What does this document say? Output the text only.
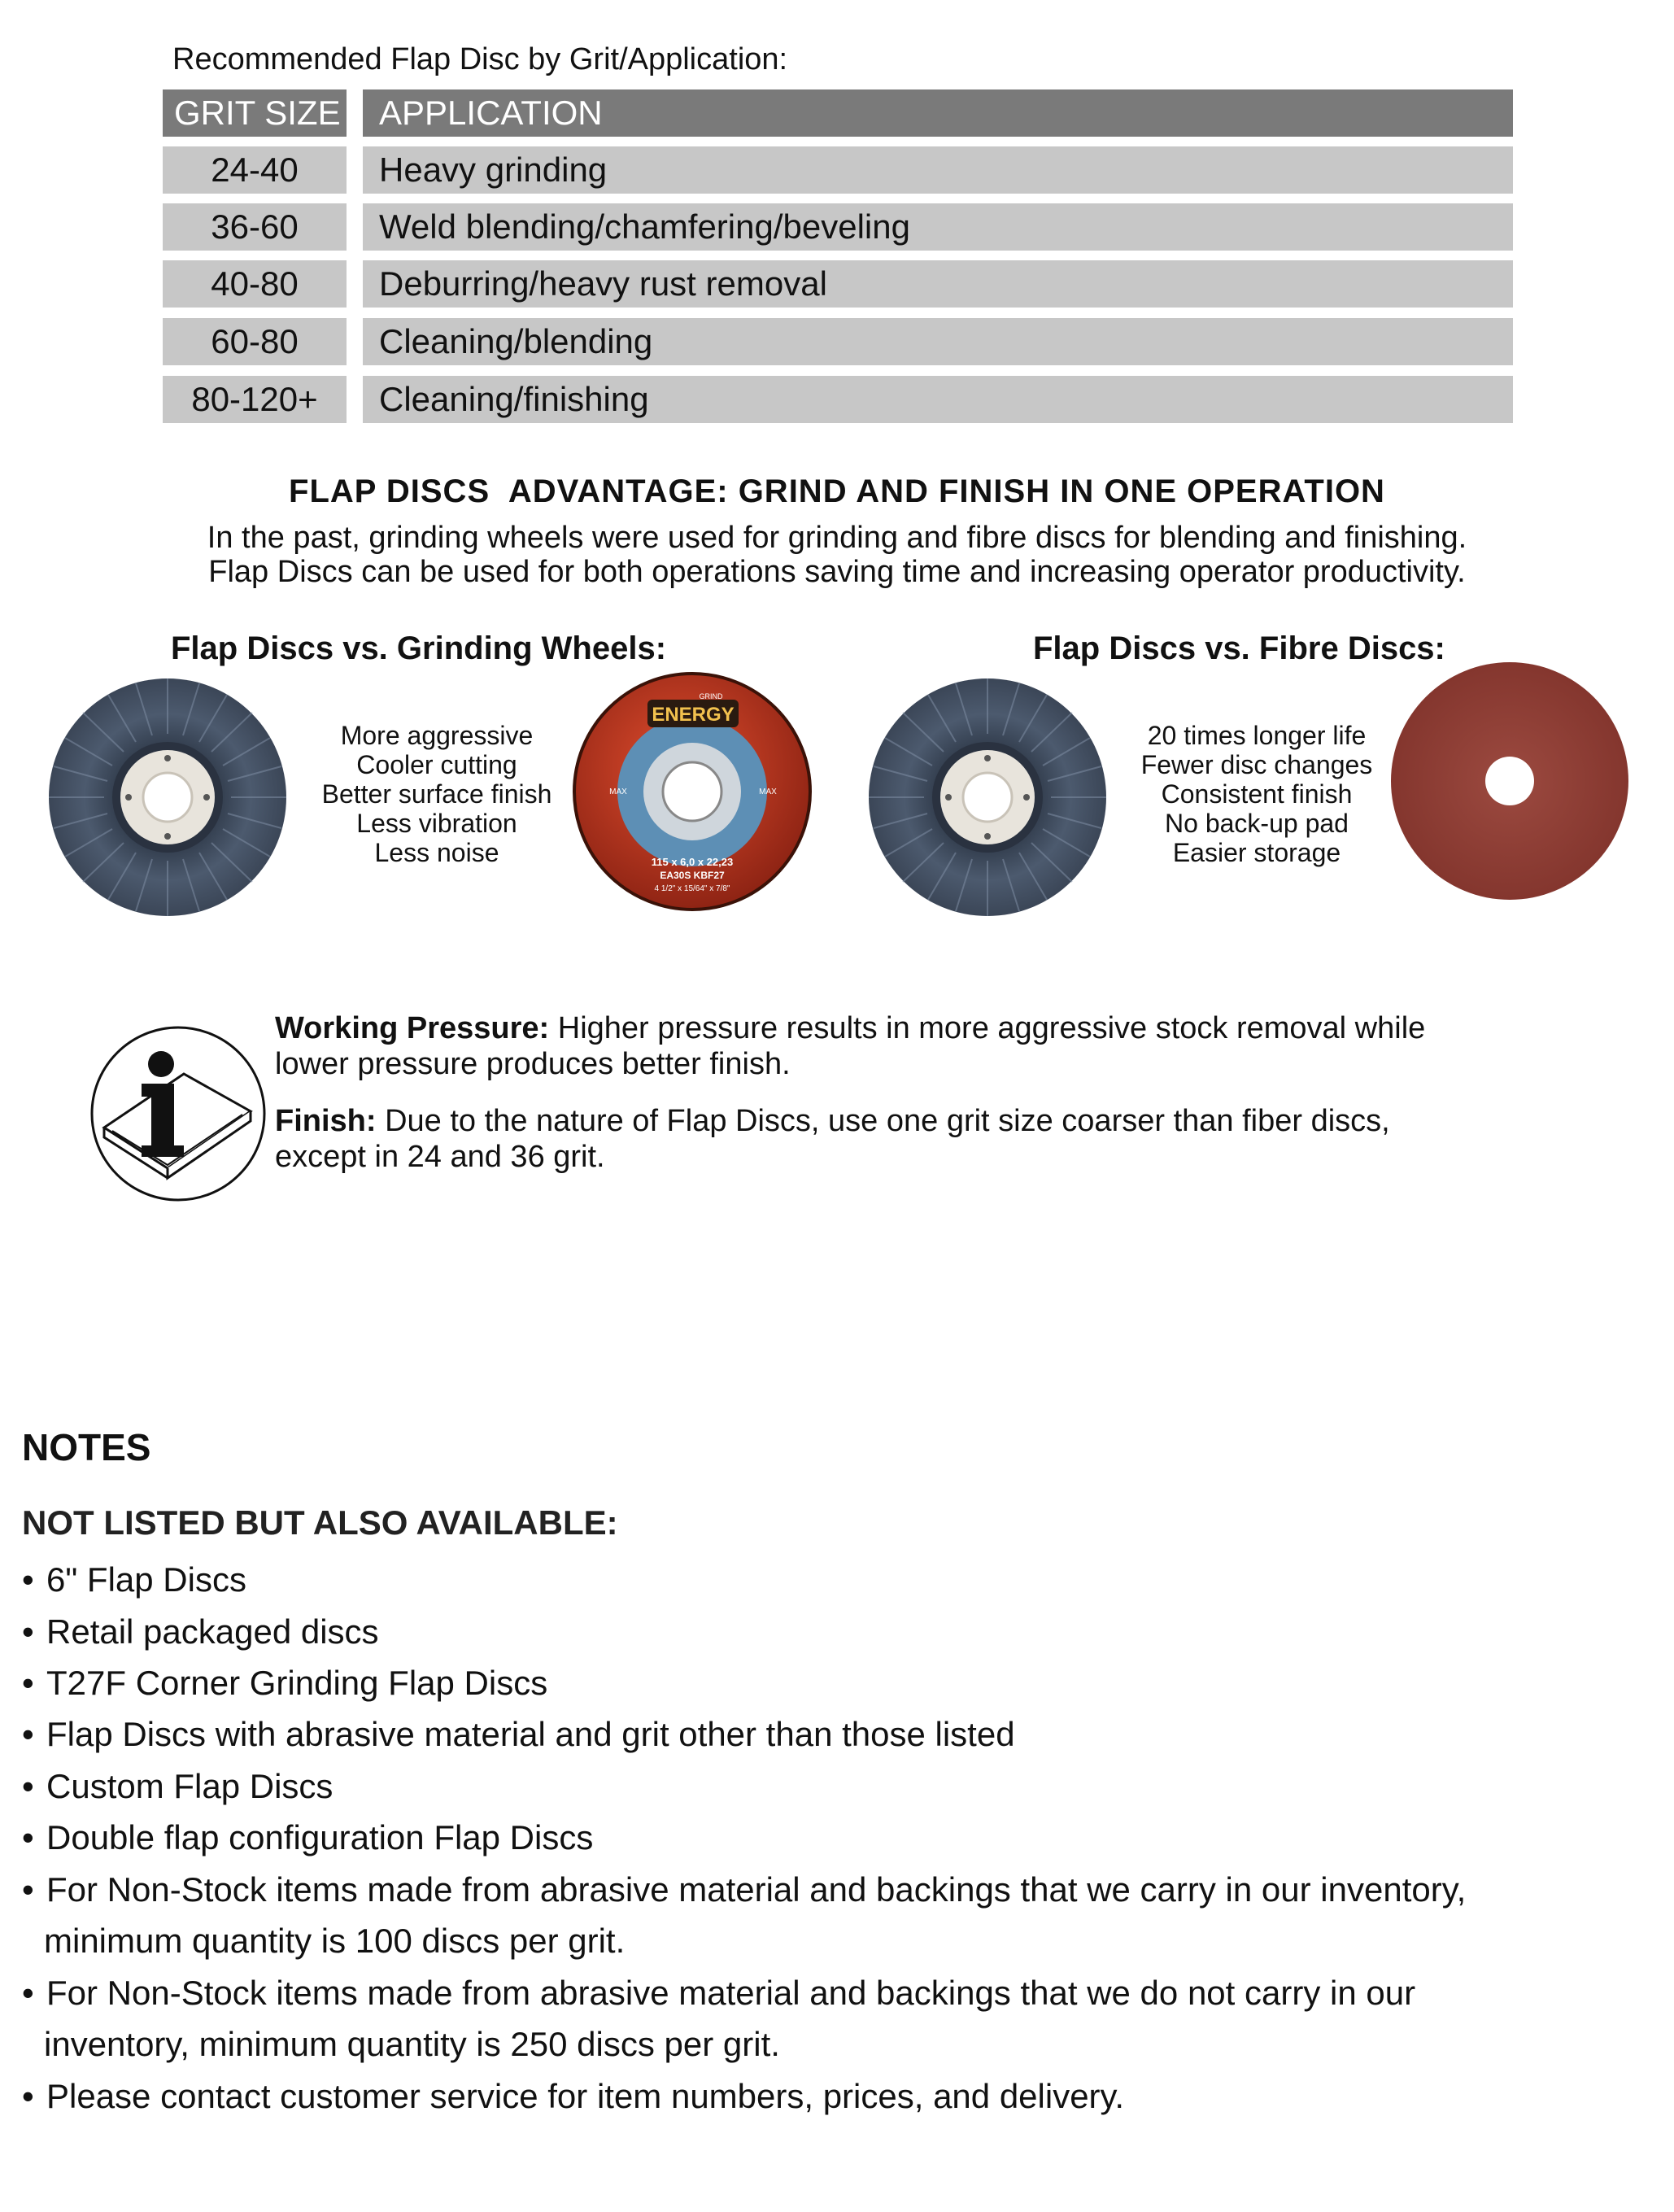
Recommended Flap Disc by Grit/Application:
GRIT SIZE	APPLICATION
24-40	Heavy grinding
36-60	Weld blending/chamfering/beveling
40-80	Deburring/heavy rust removal
60-80	Cleaning/blending
80-120+	Cleaning/finishing
FLAP DISCS  ADVANTAGE: GRIND AND FINISH IN ONE OPERATION
In the past, grinding wheels were used for grinding and fibre discs for blending and finishing.
Flap Discs can be used for both operations saving time and increasing operator productivity.
Flap Discs vs. Grinding Wheels:	Flap Discs vs. Fibre Discs:
More aggressive
Cooler cutting
Better surface finish
Less vibration
Less noise
ENERGY
GRIND
MAX	MAX
115 x 6,0 x 22,23
EA30S KBF27
4 1/2" x 15/64" x 7/8"
20 times longer life
Fewer disc changes
Consistent finish
No back-up pad
Easier storage
Working Pressure: Higher pressure results in more aggressive stock removal while
lower pressure produces better finish.
Finish: Due to the nature of Flap Discs, use one grit size coarser than fiber discs,
except in 24 and 36 grit.
NOTES
NOT LISTED BUT ALSO AVAILABLE:
• 6" Flap Discs
• Retail packaged discs
• T27F Corner Grinding Flap Discs
• Flap Discs with abrasive material and grit other than those listed
• Custom Flap Discs
• Double flap configuration Flap Discs
• For Non-Stock items made from abrasive material and backings that we carry in our inventory,
minimum quantity is 100 discs per grit.
• For Non-Stock items made from abrasive material and backings that we do not carry in our
inventory, minimum quantity is 250 discs per grit.
• Please contact customer service for item numbers, prices, and delivery.
